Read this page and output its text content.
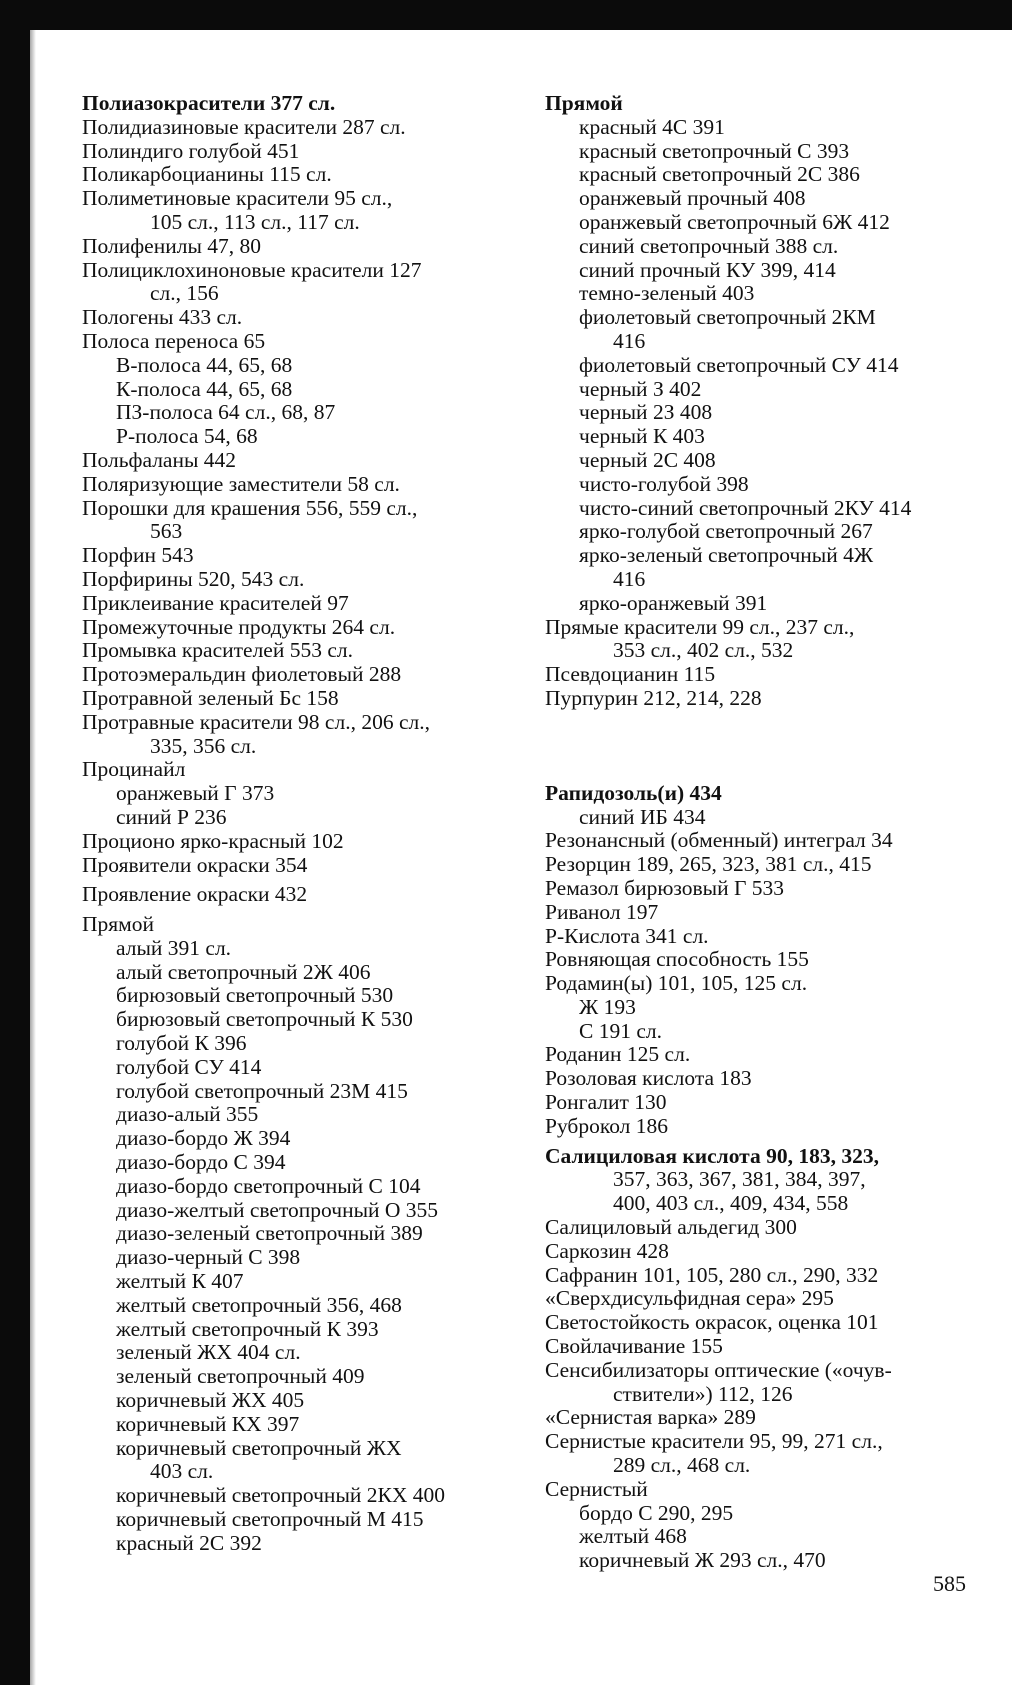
Полиазокрасители 377 сл.
Полидиазиновые красители 287 сл.
Полиндиго голубой 451
Поликарбоцианины 115 сл.
Полиметиновые красители 95 сл.,
105 сл., 113 сл., 117 сл.
Полифенилы 47, 80
Полициклохиноновые красители 127
сл., 156
Пологены 433 сл.
Полоса переноса 65
В-полоса 44, 65, 68
К-полоса 44, 65, 68
ПЗ-полоса 64 сл., 68, 87
Р-полоса 54, 68
Польфаланы 442
Поляризующие заместители 58 сл.
Порошки для крашения 556, 559 сл.,
563
Порфин 543
Порфирины 520, 543 сл.
Приклеивание красителей 97
Промежуточные продукты 264 сл.
Промывка красителей 553 сл.
Протоэмеральдин фиолетовый 288
Протравной зеленый Бс 158
Протравные красители 98 сл., 206 сл.,
335, 356 сл.
Процинайл
оранжевый Г 373
синий Р 236
Проционо ярко-красный 102
Проявители окраски 354
Проявление окраски 432
Прямой
алый 391 сл.
алый светопрочный 2Ж 406
бирюзовый светопрочный 530
бирюзовый светопрочный К 530
голубой К 396
голубой СУ 414
голубой светопрочный 23М 415
диазо-алый 355
диазо-бордо Ж 394
диазо-бордо С 394
диазо-бордо светопрочный С 104
диазо-желтый светопрочный О 355
диазо-зеленый светопрочный 389
диазо-черный С 398
желтый К 407
желтый светопрочный 356, 468
желтый светопрочный К 393
зеленый ЖХ 404 сл.
зеленый светопрочный 409
коричневый ЖХ 405
коричневый КХ 397
коричневый светопрочный ЖХ
403 сл.
коричневый светопрочный 2КХ 400
коричневый светопрочный М 415
красный 2С 392
Прямой
красный 4С 391
красный светопрочный С 393
красный светопрочный 2С 386
оранжевый прочный 408
оранжевый светопрочный 6Ж 412
синий светопрочный 388 сл.
синий прочный КУ 399, 414
темно-зеленый 403
фиолетовый светопрочный 2КМ
416
фиолетовый светопрочный СУ 414
черный З 402
черный 2З 408
черный К 403
черный 2С 408
чисто-голубой 398
чисто-синий светопрочный 2КУ 414
ярко-голубой светопрочный 267
ярко-зеленый светопрочный 4Ж
416
ярко-оранжевый 391
Прямые красители 99 сл., 237 сл.,
353 сл., 402 сл., 532
Псевдоцианин 115
Пурпурин 212, 214, 228
Рапидозоль(и) 434
синий ИБ 434
Резонансный (обменный) интеграл 34
Резорцин 189, 265, 323, 381 сл., 415
Ремазол бирюзовый Г 533
Риванол 197
Р-Кислота 341 сл.
Ровняющая способность 155
Родамин(ы) 101, 105, 125 сл.
Ж 193
С 191 сл.
Роданин 125 сл.
Розоловая кислота 183
Ронгалит 130
Руброкол 186
Салициловая кислота 90, 183, 323,
357, 363, 367, 381, 384, 397,
400, 403 сл., 409, 434, 558
Салициловый альдегид 300
Саркозин 428
Сафранин 101, 105, 280 сл., 290, 332
«Сверхдисульфидная сера» 295
Светостойкость окрасок, оценка 101
Свойлачивание 155
Сенсибилизаторы оптические («очув-
ствители») 112, 126
«Сернистая варка» 289
Сернистые красители 95, 99, 271 сл.,
289 сл., 468 сл.
Сернистый
бордо С 290, 295
желтый 468
коричневый Ж 293 сл., 470
585
